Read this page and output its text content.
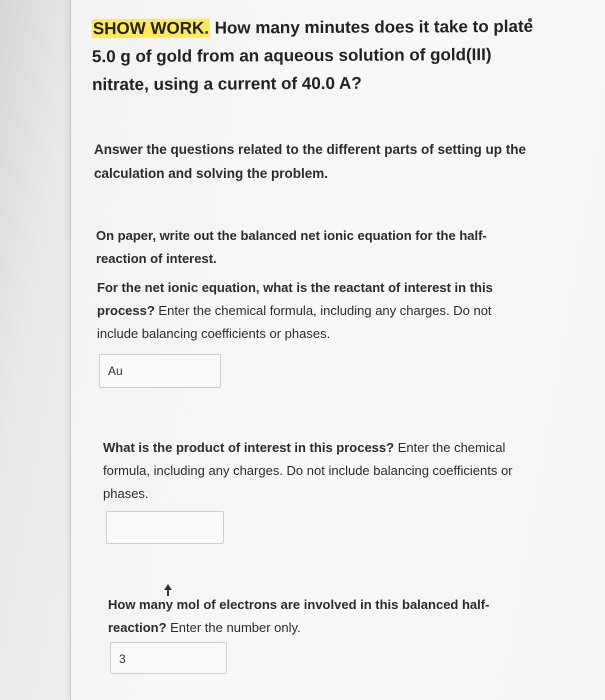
SHOW WORK. How many minutes does it take to plate 5.0 g of gold from an aqueous solution of gold(III) nitrate, using a current of 40.0 A?
Answer the questions related to the different parts of setting up the calculation and solving the problem.
On paper, write out the balanced net ionic equation for the half-reaction of interest.
For the net ionic equation, what is the reactant of interest in this process? Enter the chemical formula, including any charges. Do not include balancing coefficients or phases.
Au
What is the product of interest in this process? Enter the chemical formula, including any charges. Do not include balancing coefficients or phases.
How many mol of electrons are involved in this balanced half-reaction? Enter the number only.
3
